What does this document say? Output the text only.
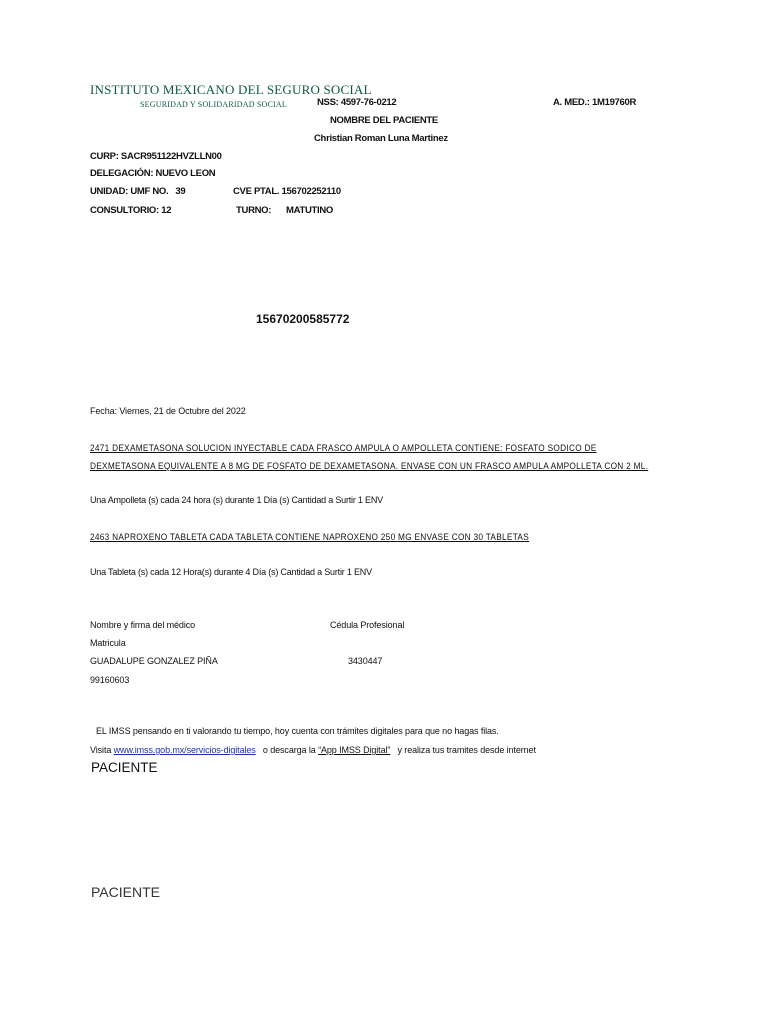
INSTITUTO MEXICANO DEL SEGURO SOCIAL
SEGURIDAD Y SOLIDARIDAD SOCIAL	NSS: 4597-76-0212	A. MED.: 1M19760R
NOMBRE DEL PACIENTE
Christian Roman Luna Martinez
CURP: SACR951122HVZLLN00
DELEGACIÓN: NUEVO LEON
UNIDAD: UMF NO.   39	CVE PTAL. 156702252110
CONSULTORIO: 12	TURNO: MATUTINO
15670200585772
Fecha: Viernes, 21 de Octubre del 2022
2471 DEXAMETASONA SOLUCION INYECTABLE CADA FRASCO AMPULA O AMPOLLETA CONTIENE: FOSFATO SODICO DE
DEXMETASONA EQUIVALENTE A 8 MG DE FOSFATO DE DEXAMETASONA. ENVASE CON UN FRASCO AMPULA AMPOLLETA CON 2 ML.
Una Ampolleta (s) cada 24 hora (s) durante 1 Día (s) Cantidad a Surtir 1 ENV
2463 NAPROXENO TABLETA CADA TABLETA CONTIENE NAPROXENO 250 MG ENVASE CON 30 TABLETAS
Una Tableta (s) cada 12 Hora(s) durante 4 Día (s) Cantidad a Surtir 1 ENV
Nombre y firma del médico	Cédula Profesional
Matricula
GUADALUPE GONZALEZ PIÑA	3430447
99160603
EL IMSS pensando en ti valorando tu tiempo, hoy cuenta con trámites digitales para que no hagas filas.
Visita www.imss.gob.mx/servicios-digitales o descarga la “App IMSS Digital” y realiza tus tramites desde internet
PACIENTE
PACIENTE
